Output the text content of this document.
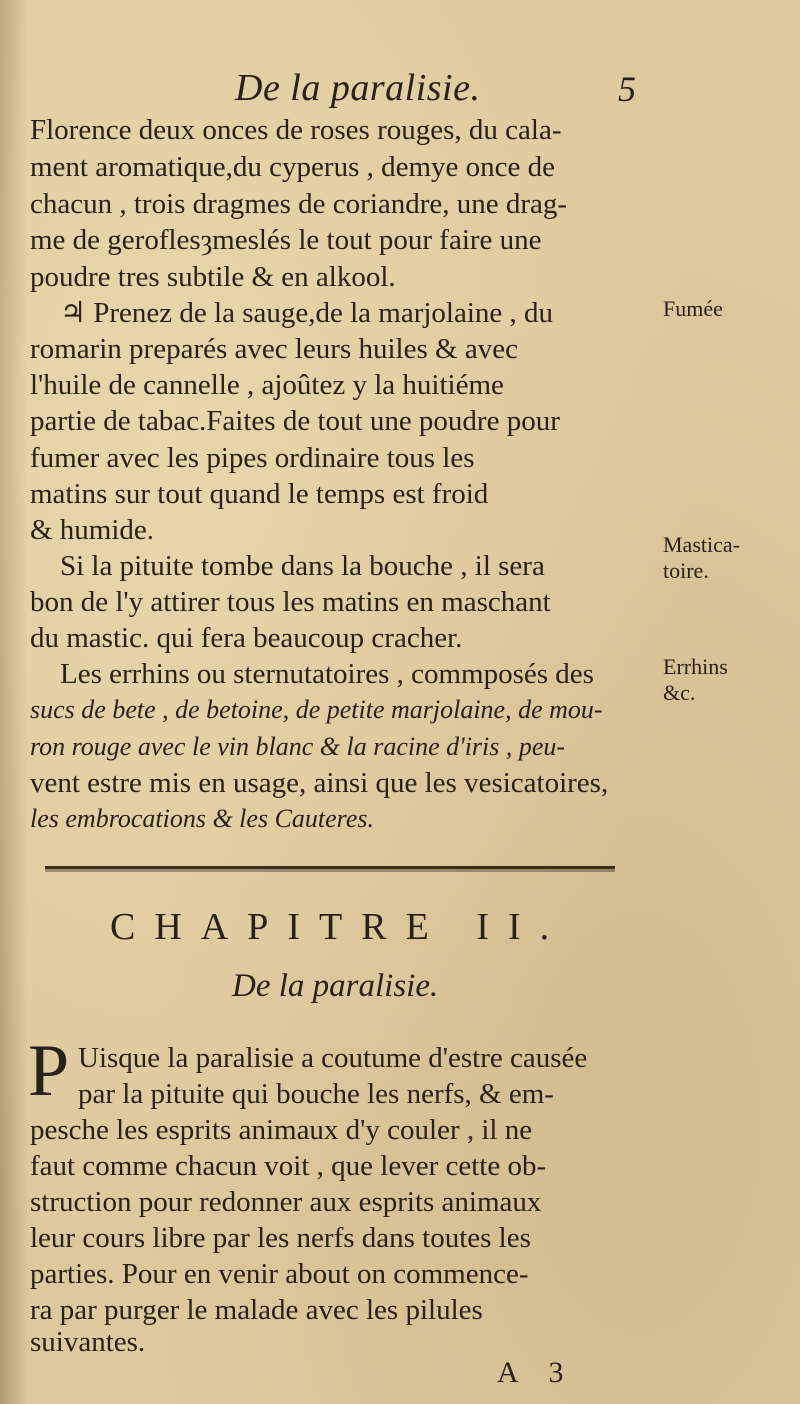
De la paralisie.	5
Florence deux onces de roses rouges, du cala-
ment aromatique,du cyperus , demye once de
chacun , trois dragmes de coriandre, une drag-
me de geroflesȝmeslés le tout pour faire une
poudre tres subtile & en alkool.
♃ Prenez de la sauge,de la marjolaine , du
romarin preparés avec leurs huiles & avec
l'huile de cannelle , ajoûtez y la huitiéme
partie de tabac.Faites de tout une poudre pour
fumer avec les pipes ordinaire tous les
matins sur tout quand le temps est froid
& humide.
Si la pituite tombe dans la bouche , il sera
bon de l'y attirer tous les matins en maschant
du mastic. qui fera beaucoup cracher.
Les errhins ou sternutatoires , commposés des
sucs de bete , de betoine, de petite marjolaine, de mou-
ron rouge avec le vin blanc & la racine d'iris , peu-
vent estre mis en usage, ainsi que les vesicatoires,
les embrocations & les Cauteres.
Fumée
Mastica-
toire.
Errhins
&c.
CHAPITRE II.
De la paralisie.
P Uisque la paralisie a coutume d'estre causée
par la pituite qui bouche les nerfs, & em-
pesche les esprits animaux d'y couler , il ne
faut comme chacun voit , que lever cette ob-
struction pour redonner aux esprits animaux
leur cours libre par les nerfs dans toutes les
parties. Pour en venir about on commence-
ra par purger le malade avec les pilules
suivantes.
A 3
